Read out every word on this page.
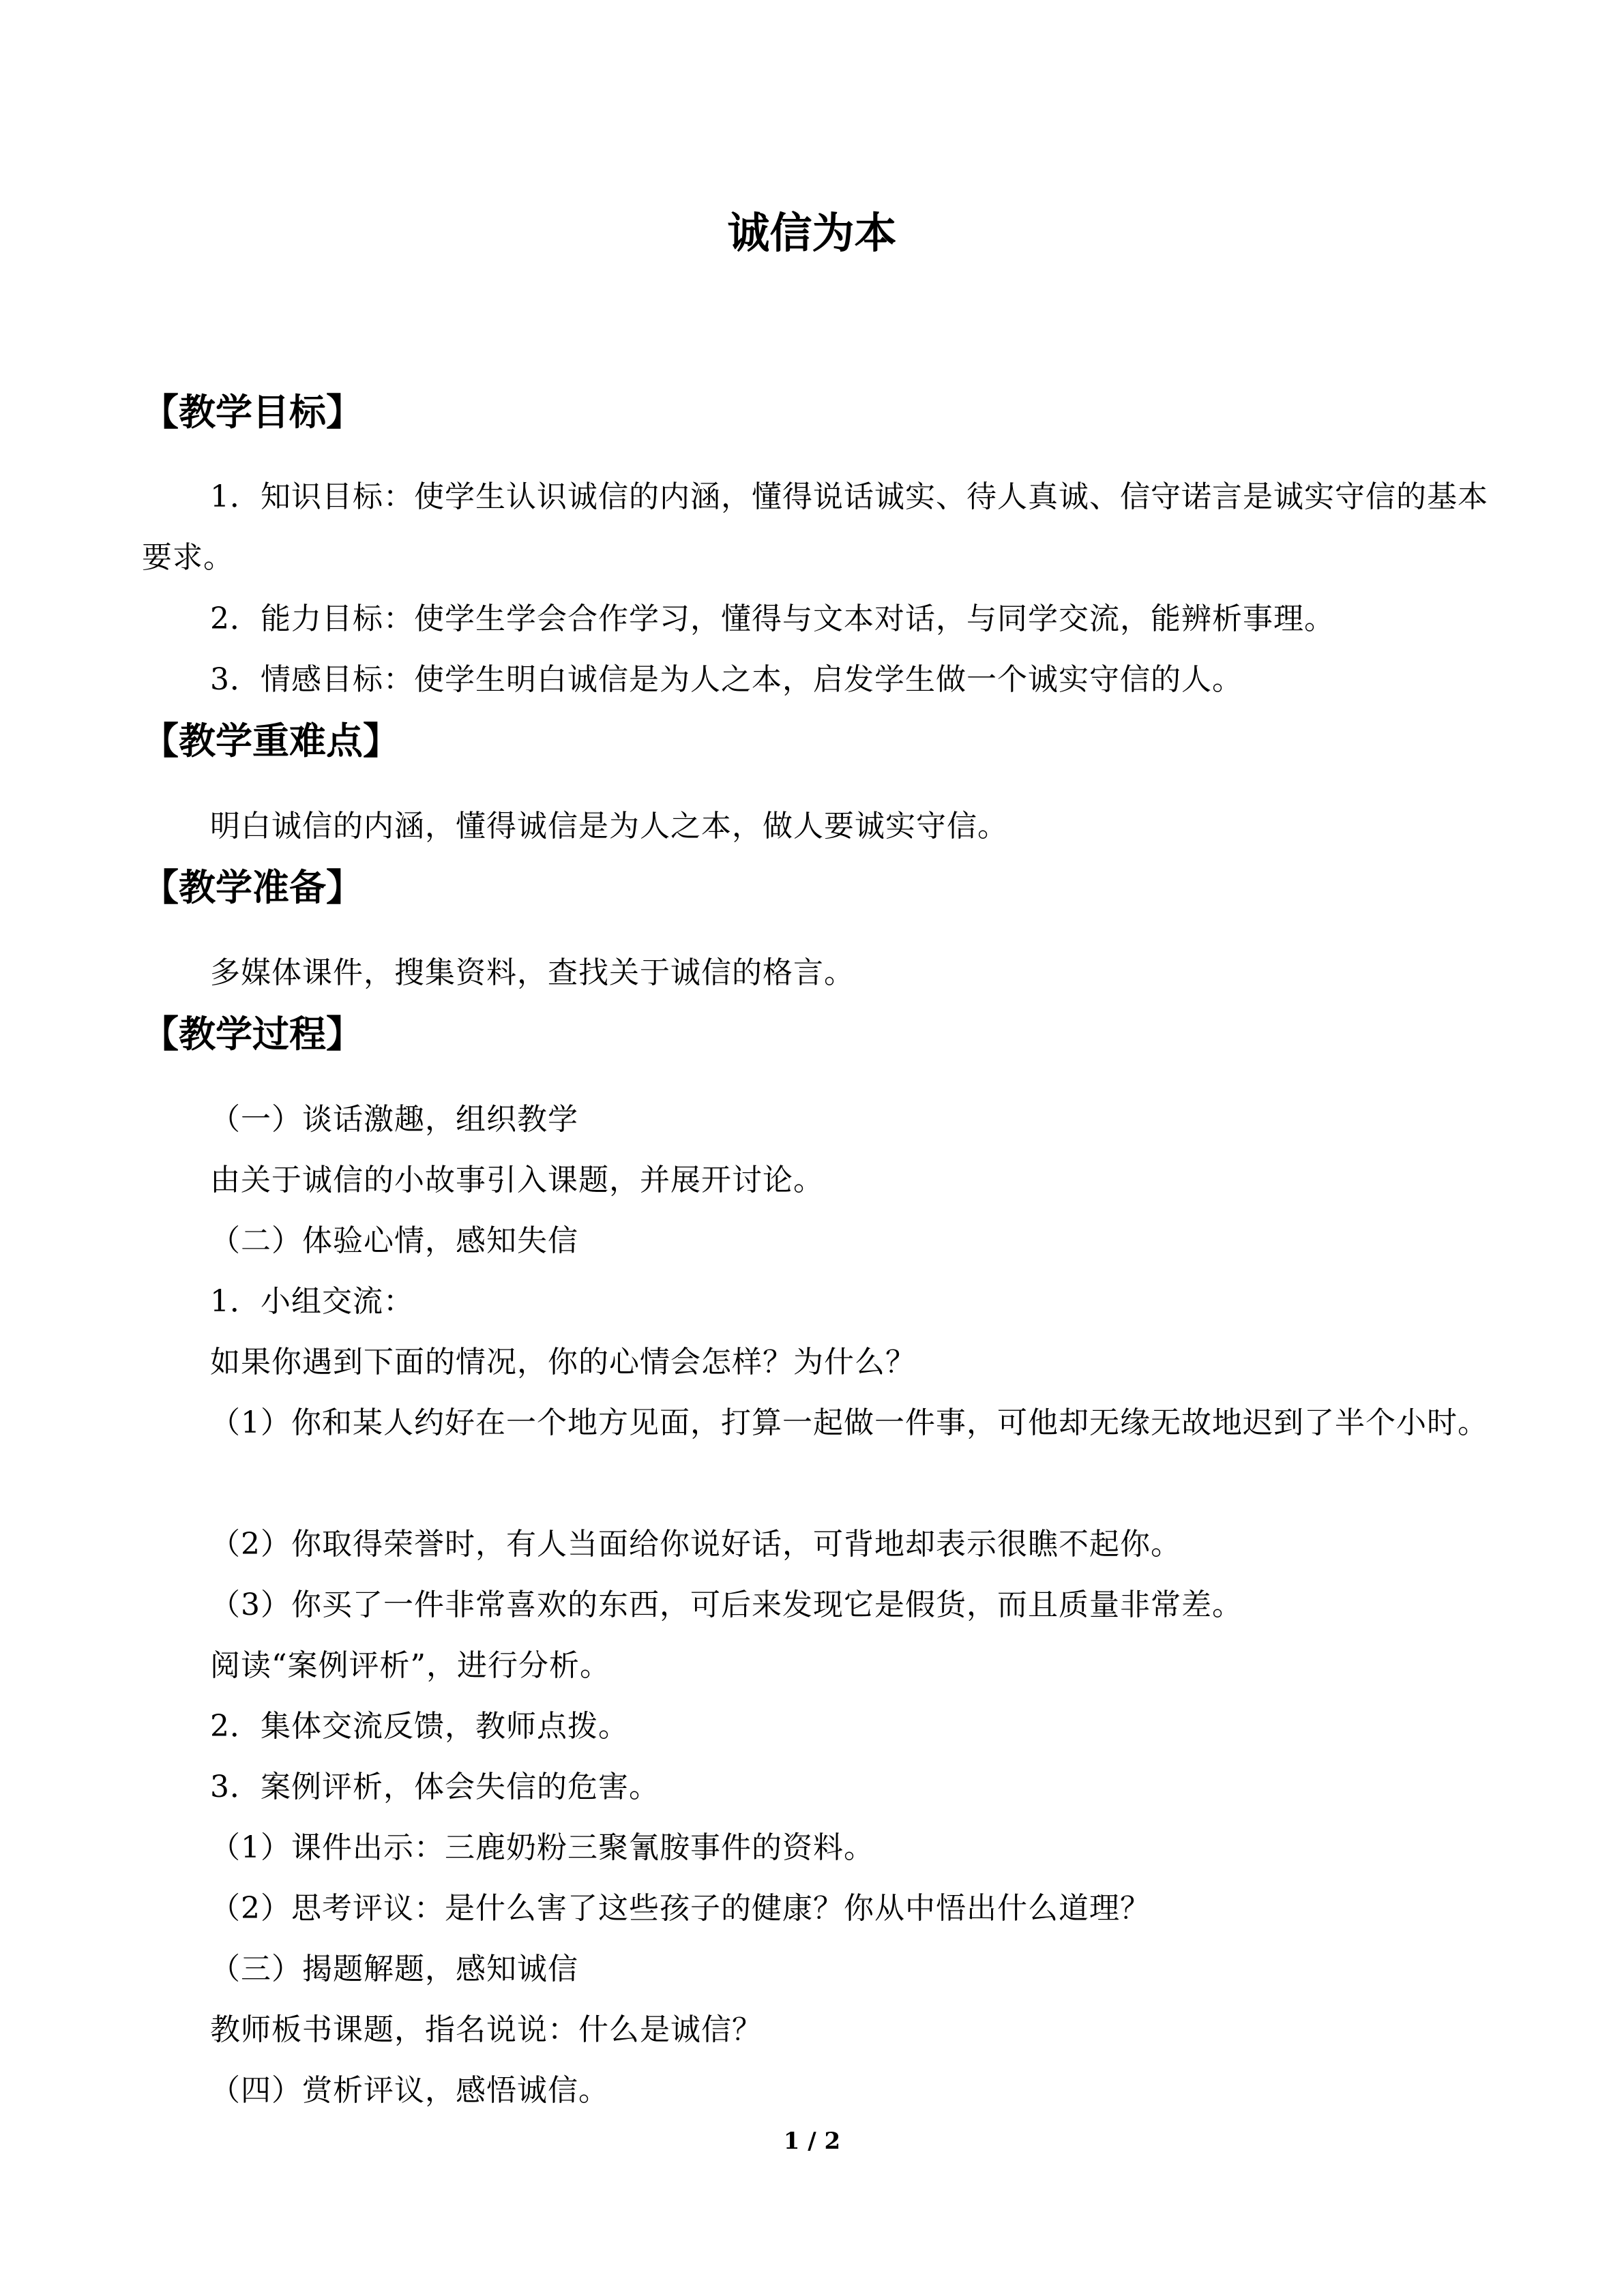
诚信为本
【教学目标】
1．知识目标：使学生认识诚信的内涵，懂得说话诚实、待人真诚、信守诺言是诚实守信的基本要求。
2．能力目标：使学生学会合作学习，懂得与文本对话，与同学交流，能辨析事理。
3．情感目标：使学生明白诚信是为人之本，启发学生做一个诚实守信的人。
【教学重难点】
明白诚信的内涵，懂得诚信是为人之本，做人要诚实守信。
【教学准备】
多媒体课件，搜集资料，查找关于诚信的格言。
【教学过程】
（一）谈话激趣，组织教学
由关于诚信的小故事引入课题，并展开讨论。
（二）体验心情，感知失信
1．小组交流：
如果你遇到下面的情况，你的心情会怎样？为什么？
（1）你和某人约好在一个地方见面，打算一起做一件事，可他却无缘无故地迟到了半个小时。
（2）你取得荣誉时，有人当面给你说好话，可背地却表示很瞧不起你。
（3）你买了一件非常喜欢的东西，可后来发现它是假货，而且质量非常差。
阅读“案例评析”，进行分析。
2．集体交流反馈，教师点拨。
3．案例评析，体会失信的危害。
（1）课件出示：三鹿奶粉三聚氰胺事件的资料。
（2）思考评议：是什么害了这些孩子的健康？你从中悟出什么道理？
（三）揭题解题，感知诚信
教师板书课题，指名说说：什么是诚信？
（四）赏析评议，感悟诚信。
1 / 2
